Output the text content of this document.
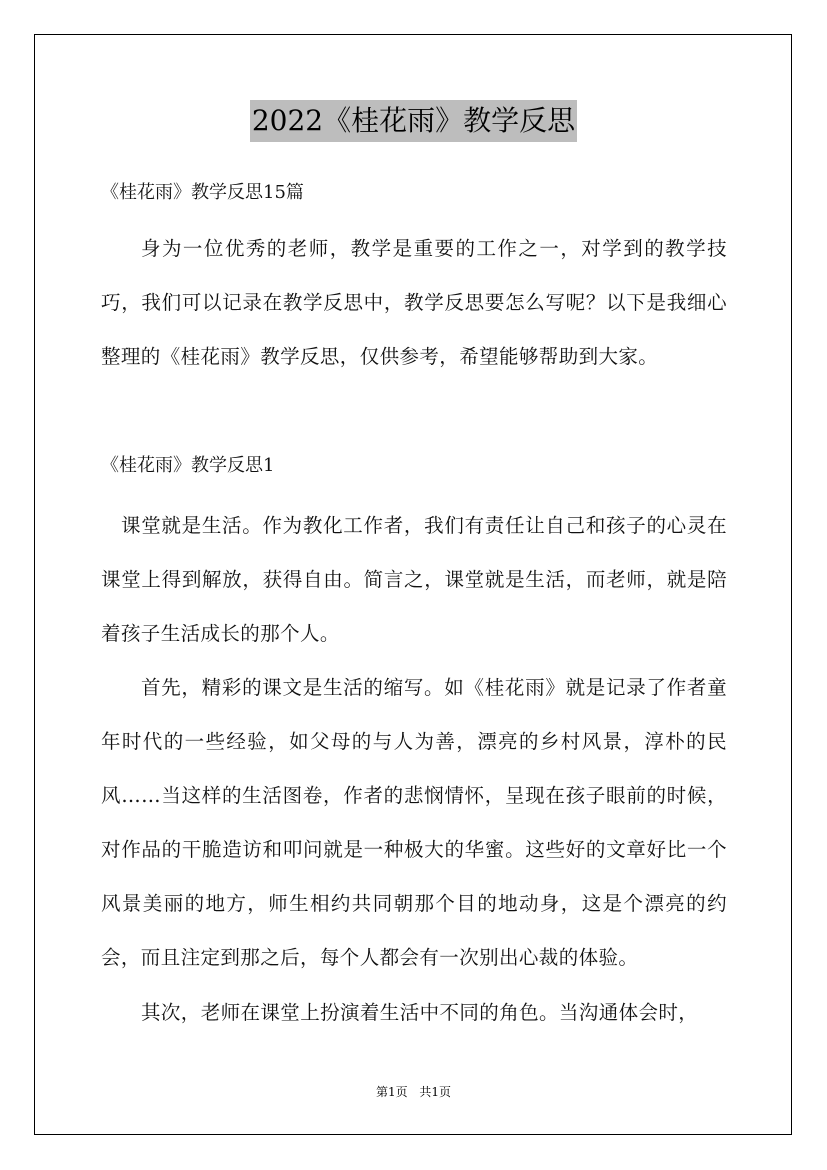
2022《桂花雨》教学反思
《桂花雨》教学反思15篇

身为一位优秀的老师，教学是重要的工作之一，对学到的教学技巧，我们可以记录在教学反思中，教学反思要怎么写呢？以下是我细心整理的《桂花雨》教学反思，仅供参考，希望能够帮助到大家。

《桂花雨》教学反思1

课堂就是生活。作为教化工作者，我们有责任让自己和孩子的心灵在课堂上得到解放，获得自由。简言之，课堂就是生活，而老师，就是陪着孩子生活成长的那个人。

首先，精彩的课文是生活的缩写。如《桂花雨》就是记录了作者童年时代的一些经验，如父母的与人为善，漂亮的乡村风景，淳朴的民风……当这样的生活图卷，作者的悲悯情怀，呈现在孩子眼前的时候，对作品的干脆造访和叩问就是一种极大的华蜜。这些好的文章好比一个风景美丽的地方，师生相约共同朝那个目的地动身，这是个漂亮的约会，而且注定到那之后，每个人都会有一次别出心裁的体验。

其次，老师在课堂上扮演着生活中不同的角色。当沟通体会时，

第1页 共1页
